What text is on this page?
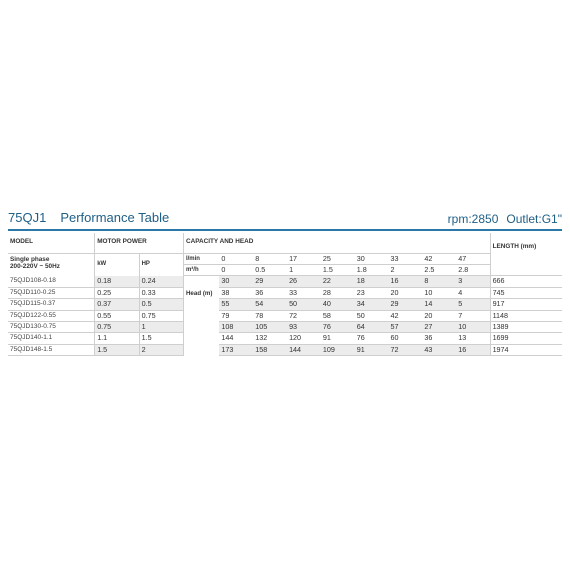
75QJ1 Performance Table	rpm:2850 Outlet:G1"
MODEL	MOTOR POWER		CAPACITY AND HEAD									LENGTH (mm)

Single phase
200-220V ~ 50Hz	kW	HP	l/min	0	8	17	25	30	33	42	47	
			m³/h	0	0.5	1	1.5	1.8	2	2.5	2.8	
75QJD108-0.18	0.18	0.24	Head (m)	30	29	26	22	18	16	8	3	666
75QJD110-0.25	0.25	0.33		38	36	33	28	23	20	10	4	745
75QJD115-0.37	0.37	0.5		55	54	50	40	34	29	14	5	917
75QJD122-0.55	0.55	0.75		79	78	72	58	50	42	20	7	1148
75QJD130-0.75	0.75	1		108	105	93	76	64	57	27	10	1389
75QJD140-1.1	1.1	1.5		144	132	120	91	76	60	36	13	1699
75QJD148-1.5	1.5	2		173	158	144	109	91	72	43	16	1974
